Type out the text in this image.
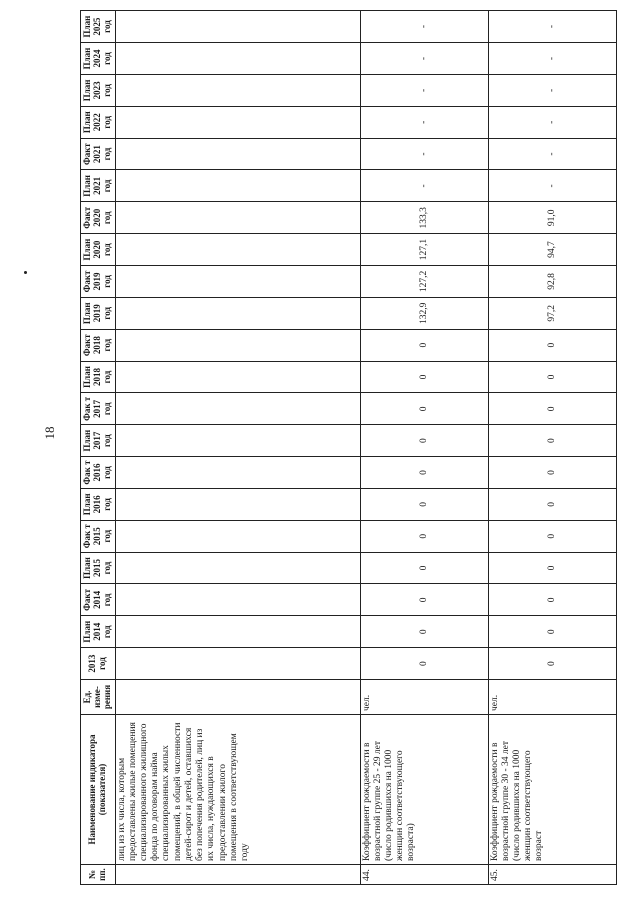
18
№ пп.	Наименование индикатора (показателя)	Ед. изме-рения	2013 год	План 2014 год	Факт 2014 год	План 2015 год	Фак т 2015 год	План 2016 год	Фак т 2016 год	План 2017 год	Фак т 2017 год	План 2018 год	Факт 2018 год	План 2019 год	Факт 2019 год	План 2020 год	Факт 2020 год	План 2021 год	Факт 2021 год	План 2022 год	План 2023 год	План 2024 год	План 2025 год
	лиц из их числа, которым предоставлены жилые помещения специализированного жилищного фонда по договорам найма специализированных жилых помещений, в общей численности детей-сирот и детей, оставшихся без попечения родителей, лиц из их числа, нуждающихся в предоставлении жилого помещения в соответствующем году																						
44.	Коэффициент рождаемости в возрастной группе 25 - 29 лет (число родившихся на 1000 женщин соответствующего возраста)	чел.	0	0	0	0	0	0	0	0	0	0	0	132,9	127,2	127,1	133,3	-	-	-	-	-	-
45.	Коэффициент рождаемости в возрастной группе 30 - 34 лет (число родившихся на 1000 женщин соответствующего возраст	чел.	0	0	0	0	0	0	0	0	0	0	0	97,2	92,8	94,7	91,0	-	-	-	-	-	-
